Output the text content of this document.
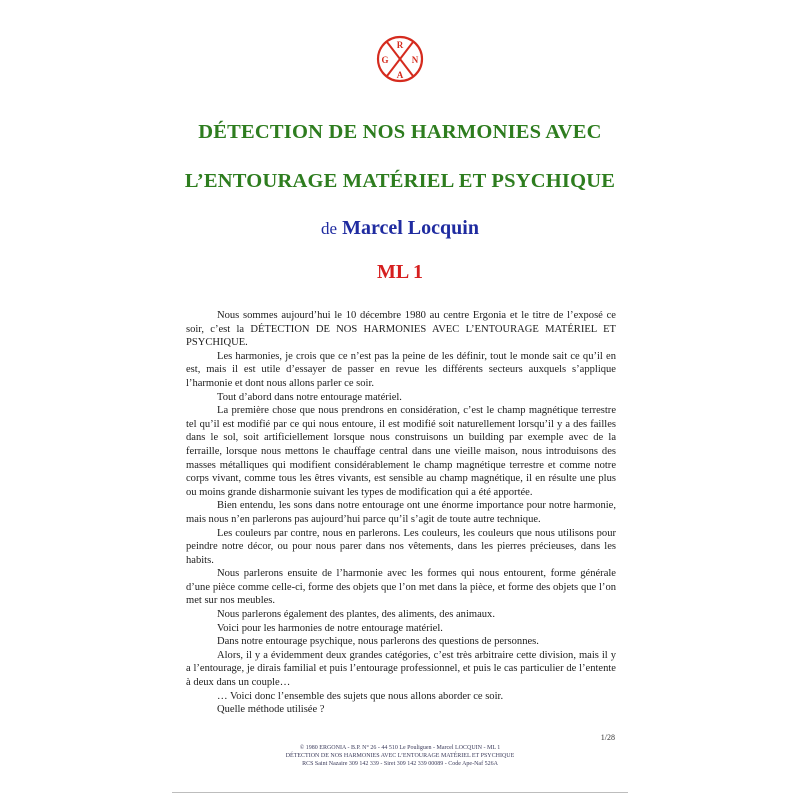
R
G	N
A
DÉTECTION DE NOS HARMONIES AVEC
L’ENTOURAGE MATÉRIEL ET PSYCHIQUE
de Marcel Locquin
ML 1

Nous sommes aujourd’hui le 10 décembre 1980 au centre Ergonia et le titre de l’exposé ce soir, c’est la DÉTECTION DE NOS HARMONIES AVEC L’ENTOURAGE MATÉRIEL ET PSYCHIQUE.

Les harmonies, je crois que ce n’est pas la peine de les définir, tout le monde sait ce qu’il en est, mais il est utile d’essayer de passer en revue les différents secteurs auxquels s’applique l’harmonie et dont nous allons parler ce soir.

Tout d’abord dans notre entourage matériel.

La première chose que nous prendrons en considération, c’est le champ magnétique terrestre tel qu’il est modifié par ce qui nous entoure, il est modifié soit naturellement lorsqu’il y a des failles dans le sol, soit artificiellement lorsque nous construisons un building par exemple avec de la ferraille, lorsque nous mettons le chauffage central dans une vieille maison, nous introduisons des masses métalliques qui modifient considérablement le champ magnétique terrestre et comme notre corps vivant, comme tous les êtres vivants, est sensible au champ magnétique, il en résulte une plus ou moins grande disharmonie suivant les types de modification qui a été apportée.

Bien entendu, les sons dans notre entourage ont une énorme importance pour notre harmonie, mais nous n’en parlerons pas aujourd’hui parce qu’il s’agit de toute autre technique.

Les couleurs par contre, nous en parlerons. Les couleurs, les couleurs que nous utilisons pour peindre notre décor, ou pour nous parer dans nos vêtements, dans les pierres précieuses, dans les habits.

Nous parlerons ensuite de l’harmonie avec les formes qui nous entourent, forme générale d’une pièce comme celle-ci, forme des objets que l’on met dans la pièce, et forme des objets que l’on met sur nos meubles.

Nous parlerons également des plantes, des aliments, des animaux.

Voici pour les harmonies de notre entourage matériel.

Dans notre entourage psychique, nous parlerons des questions de personnes.

Alors, il y a évidemment deux grandes catégories, c’est très arbitraire cette division, mais il y a l’entourage, je dirais familial et puis l’entourage professionnel, et puis le cas particulier de l’entente à deux dans un couple…

… Voici donc l’ensemble des sujets que nous allons aborder ce soir.

Quelle méthode utilisée ?

1/28
© 1980 ERGONIA - B.P. N° 26 - 44 510 Le Pouliguen - Marcel LOCQUIN - ML 1
DÉTECTION DE NOS HARMONIES AVEC L’ENTOURAGE MATÉRIEL ET PSYCHIQUE
RCS Saint Nazaire 309 142 339 - Siret 309 142 339 00089 - Code Ape-Naf 526A
